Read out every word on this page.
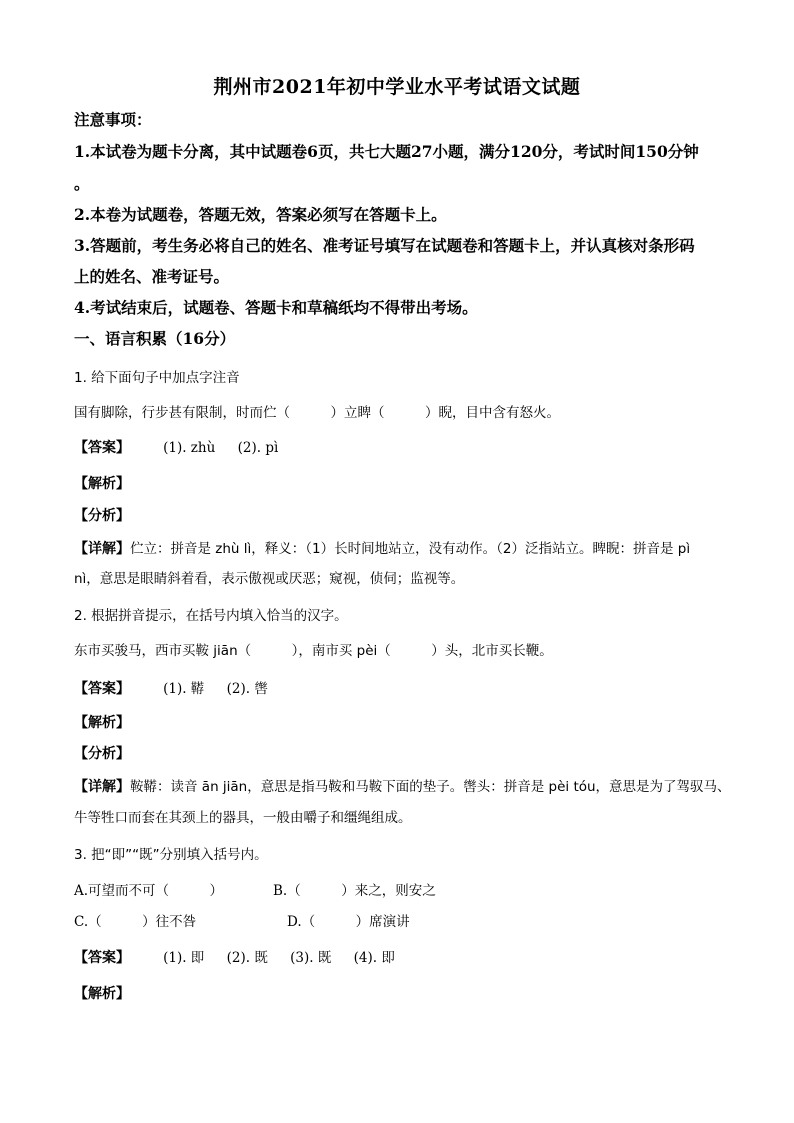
荆州市2021年初中学业水平考试语文试题
注意事项：
1.本试卷为题卡分离，其中试题卷6页，共七大题27小题，满分120分，考试时间150分钟
。
2.本卷为试题卷，答题无效，答案必须写在答题卡上。
3.答题前，考生务必将自己的姓名、准考证号填写在试题卷和答题卡上，并认真核对条形码
上的姓名、准考证号。
4.考试结束后，试题卷、答题卡和草稿纸均不得带出考场。
一、语言积累（16分）
1. 给下面句子中加点字注音
国有脚除，行步甚有限制，时而伫（　　　）立睥（　　　）睨，目中含有怒火。
【答案】 (1). zhù (2). pì
【解析】
【分析】
【详解】伫立：拼音是 zhù lì，释义：（1）长时间地站立，没有动作。（2）泛指站立。睥睨：拼音是 pì
nì，意思是眼睛斜着看，表示傲视或厌恶；窥视，侦伺；监视等。
2. 根据拼音提示，在括号内填入恰当的汉字。
东市买骏马，西市买鞍 jiān（　　　），南市买 pèi（　　　）头，北市买长鞭。
【答案】 (1). 鞯 (2). 辔
【解析】
【分析】
【详解】鞍鞯：读音 ān jiān，意思是指马鞍和马鞍下面的垫子。辔头：拼音是 pèi tóu，意思是为了驾驭马、
牛等牲口而套在其颈上的器具，一般由嚼子和缰绳组成。
3. 把“即”“既”分别填入括号内。
A.可望而不可（　　　）	B.（　　　）来之，则安之
C.（　　　）往不咎	D.（　　　）席演讲
【答案】 (1). 即 (2). 既 (3). 既 (4). 即
【解析】
